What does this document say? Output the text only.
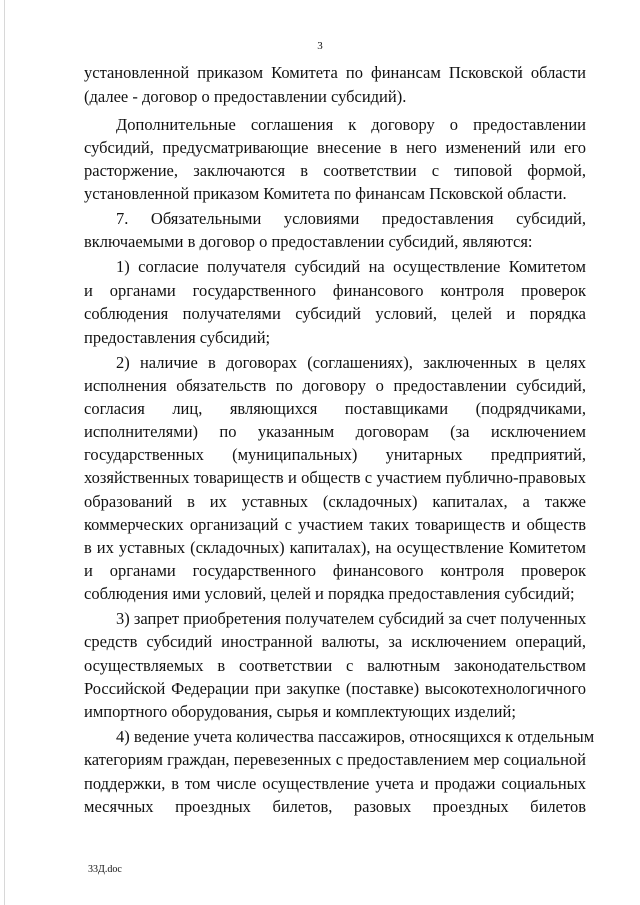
3
установленной приказом Комитета по финансам Псковской области
(далее - договор о предоставлении субсидий).
Дополнительные соглашения к договору о предоставлении
субсидий, предусматривающие внесение в него изменений или его
расторжение, заключаются в соответствии с типовой формой,
установленной приказом Комитета по финансам Псковской области.
7. Обязательными условиями предоставления субсидий,
включаемыми в договор о предоставлении субсидий, являются:
1) согласие получателя субсидий на осуществление Комитетом
и органами государственного финансового контроля проверок
соблюдения получателями субсидий условий, целей и порядка
предоставления субсидий;
2) наличие в договорах (соглашениях), заключенных в целях
исполнения обязательств по договору о предоставлении субсидий,
согласия лиц, являющихся поставщиками (подрядчиками,
исполнителями) по указанным договорам (за исключением
государственных (муниципальных) унитарных предприятий,
хозяйственных товариществ и обществ с участием публично-правовых
образований в их уставных (складочных) капиталах, а также
коммерческих организаций с участием таких товариществ и обществ
в их уставных (складочных) капиталах), на осуществление Комитетом
и органами государственного финансового контроля проверок
соблюдения ими условий, целей и порядка предоставления субсидий;
3) запрет приобретения получателем субсидий за счет полученных
средств субсидий иностранной валюты, за исключением операций,
осуществляемых в соответствии с валютным законодательством
Российской Федерации при закупке (поставке) высокотехнологичного
импортного оборудования, сырья и комплектующих изделий;
4) ведение учета количества пассажиров, относящихся к отдельным
категориям граждан, перевезенных с предоставлением мер социальной
поддержки, в том числе осуществление учета и продажи социальных
месячных проездных билетов, разовых проездных билетов
33Д.doc
